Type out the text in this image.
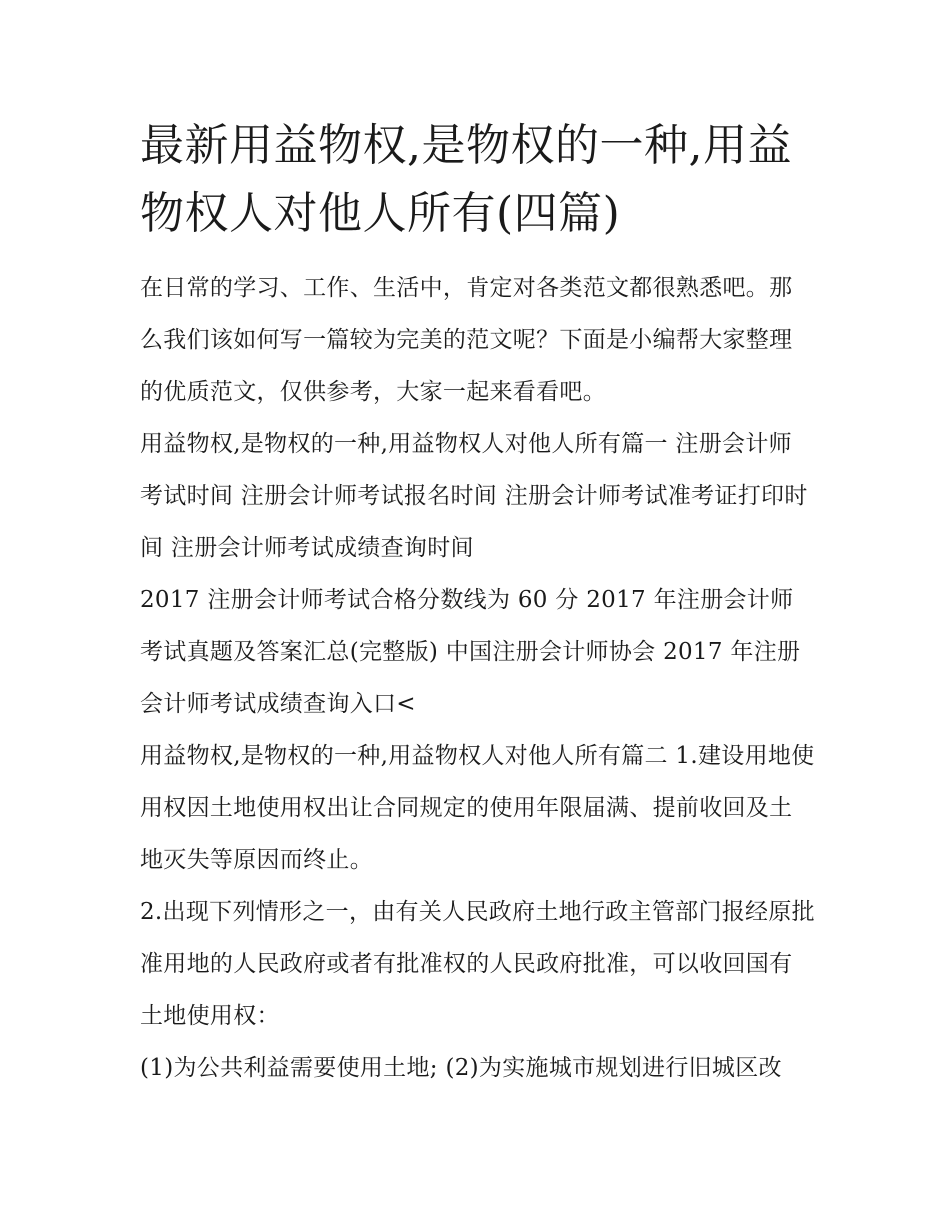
最新用益物权,是物权的一种,用益物权人对他人所有(四篇)

在日常的学习、工作、生活中，肯定对各类范文都很熟悉吧。那么我们该如何写一篇较为完美的范文呢？下面是小编帮大家整理的优质范文，仅供参考，大家一起来看看吧。

用益物权,是物权的一种,用益物权人对他人所有篇一 注册会计师考试时间 注册会计师考试报名时间 注册会计师考试准考证打印时间 注册会计师考试成绩查询时间

2017 注册会计师考试合格分数线为 60 分 2017 年注册会计师考试真题及答案汇总(完整版) 中国注册会计师协会 2017 年注册会计师考试成绩查询入口<

用益物权,是物权的一种,用益物权人对他人所有篇二 1.建设用地使用权因土地使用权出让合同规定的使用年限届满、提前收回及土地灭失等原因而终止。

2.出现下列情形之一，由有关人民政府土地行政主管部门报经原批准用地的人民政府或者有批准权的人民政府批准，可以收回国有土地使用权：

(1)为公共利益需要使用土地; (2)为实施城市规划进行旧城区改
